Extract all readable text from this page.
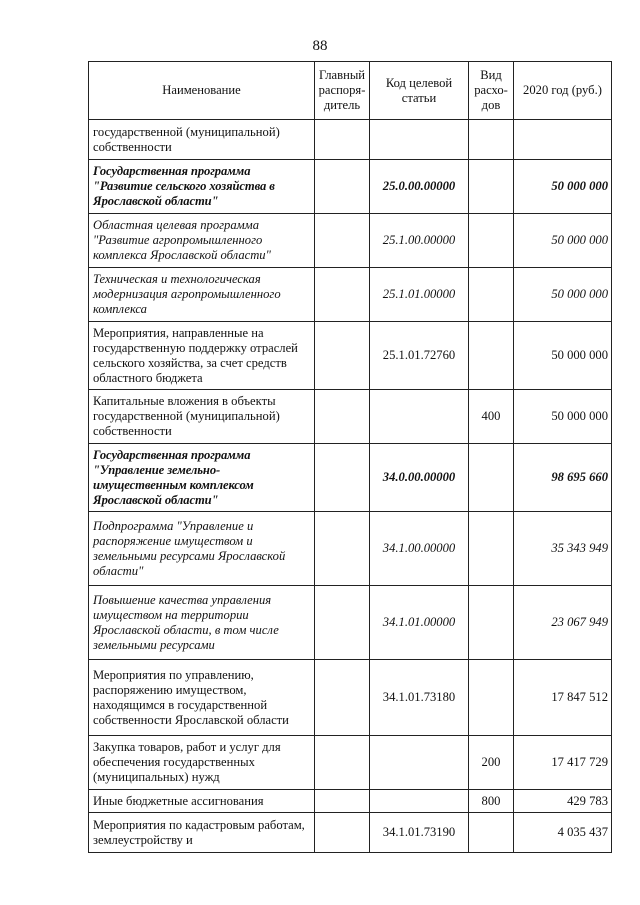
88
Наименование	Главный распоря-дитель	Код целевой статьи	Вид расхо-дов	2020 год (руб.)
государственной (муниципальной) собственности				
Государственная программа "Развитие сельского хозяйства в Ярославской области"		25.0.00.00000		50 000 000
Областная целевая программа "Развитие агропромышленного комплекса Ярославской области"		25.1.00.00000		50 000 000
Техническая и технологическая модернизация агропромышленного комплекса		25.1.01.00000		50 000 000
Мероприятия, направленные на государственную поддержку отраслей сельского хозяйства, за счет средств областного бюджета		25.1.01.72760		50 000 000
Капитальные вложения в объекты государственной (муниципальной) собственности			400	50 000 000
Государственная программа "Управление земельно-имущественным комплексом Ярославской области"		34.0.00.00000		98 695 660
Подпрограмма "Управление и распоряжение имуществом и земельными ресурсами Ярославской области"		34.1.00.00000		35 343 949
Повышение качества управления имуществом на территории Ярославской области, в том числе земельными ресурсами		34.1.01.00000		23 067 949
Мероприятия по управлению, распоряжению имуществом, находящимся в государственной собственности Ярославской области		34.1.01.73180		17 847 512
Закупка товаров, работ и услуг для обеспечения государственных (муниципальных) нужд			200	17 417 729
Иные бюджетные ассигнования			800	429 783
Мероприятия по кадастровым работам, землеустройству и		34.1.01.73190		4 035 437
